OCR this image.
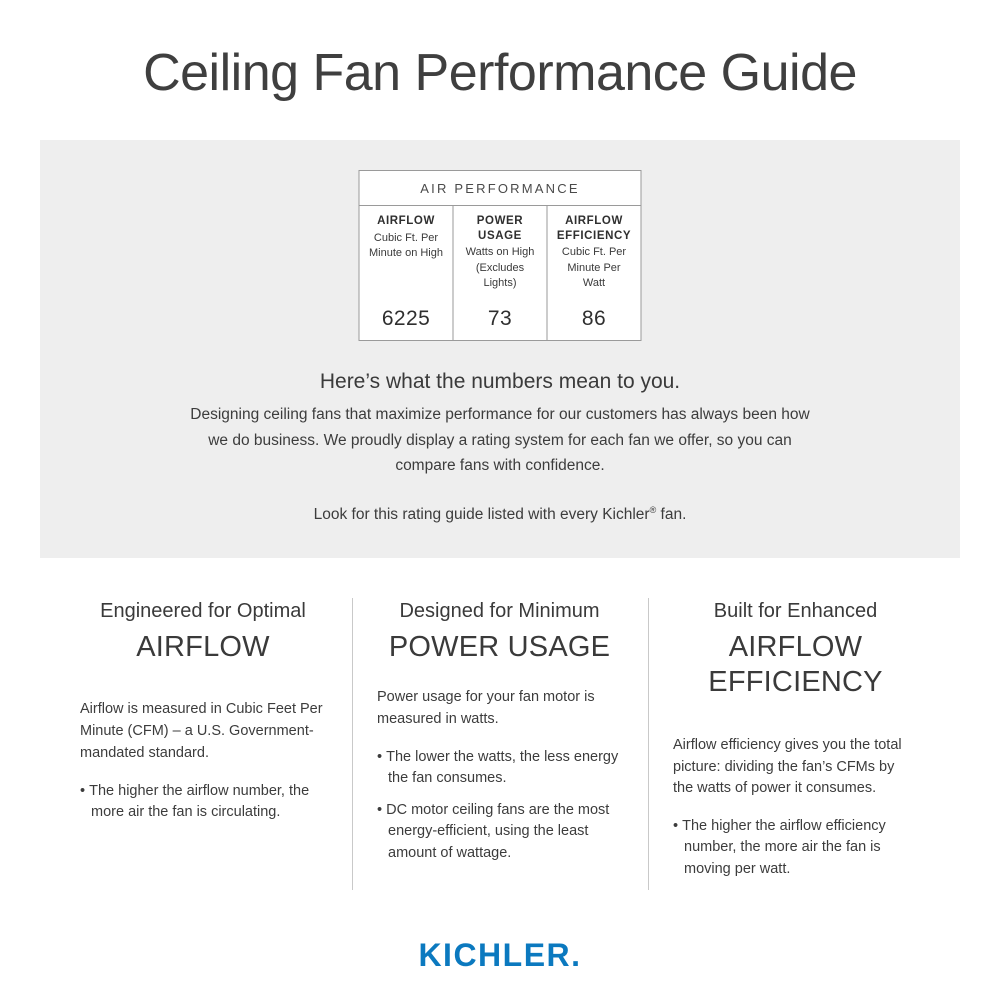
Ceiling Fan Performance Guide
AIR PERFORMANCE
AIRFLOW
Cubic Ft. Per Minute on High
6225
POWER USAGE
Watts on High (Excludes Lights)
73
AIRFLOW EFFICIENCY
Cubic Ft. Per Minute Per Watt
86
Here’s what the numbers mean to you.
Designing ceiling fans that maximize performance for our customers has always been how we do business. We proudly display a rating system for each fan we offer, so you can compare fans with confidence.
Look for this rating guide listed with every Kichler® fan.
Engineered for Optimal
AIRFLOW
Airflow is measured in Cubic Feet Per Minute (CFM) – a U.S. Government-mandated standard.
• The higher the airflow number, the more air the fan is circulating.
Designed for Minimum
POWER USAGE
Power usage for your fan motor is measured in watts.
• The lower the watts, the less energy the fan consumes.
• DC motor ceiling fans are the most energy-efficient, using the least amount of wattage.
Built for Enhanced
AIRFLOW EFFICIENCY
Airflow efficiency gives you the total picture: dividing the fan’s CFMs by the watts of power it consumes.
• The higher the airflow efficiency number, the more air the fan is moving per watt.
KICHLER.
